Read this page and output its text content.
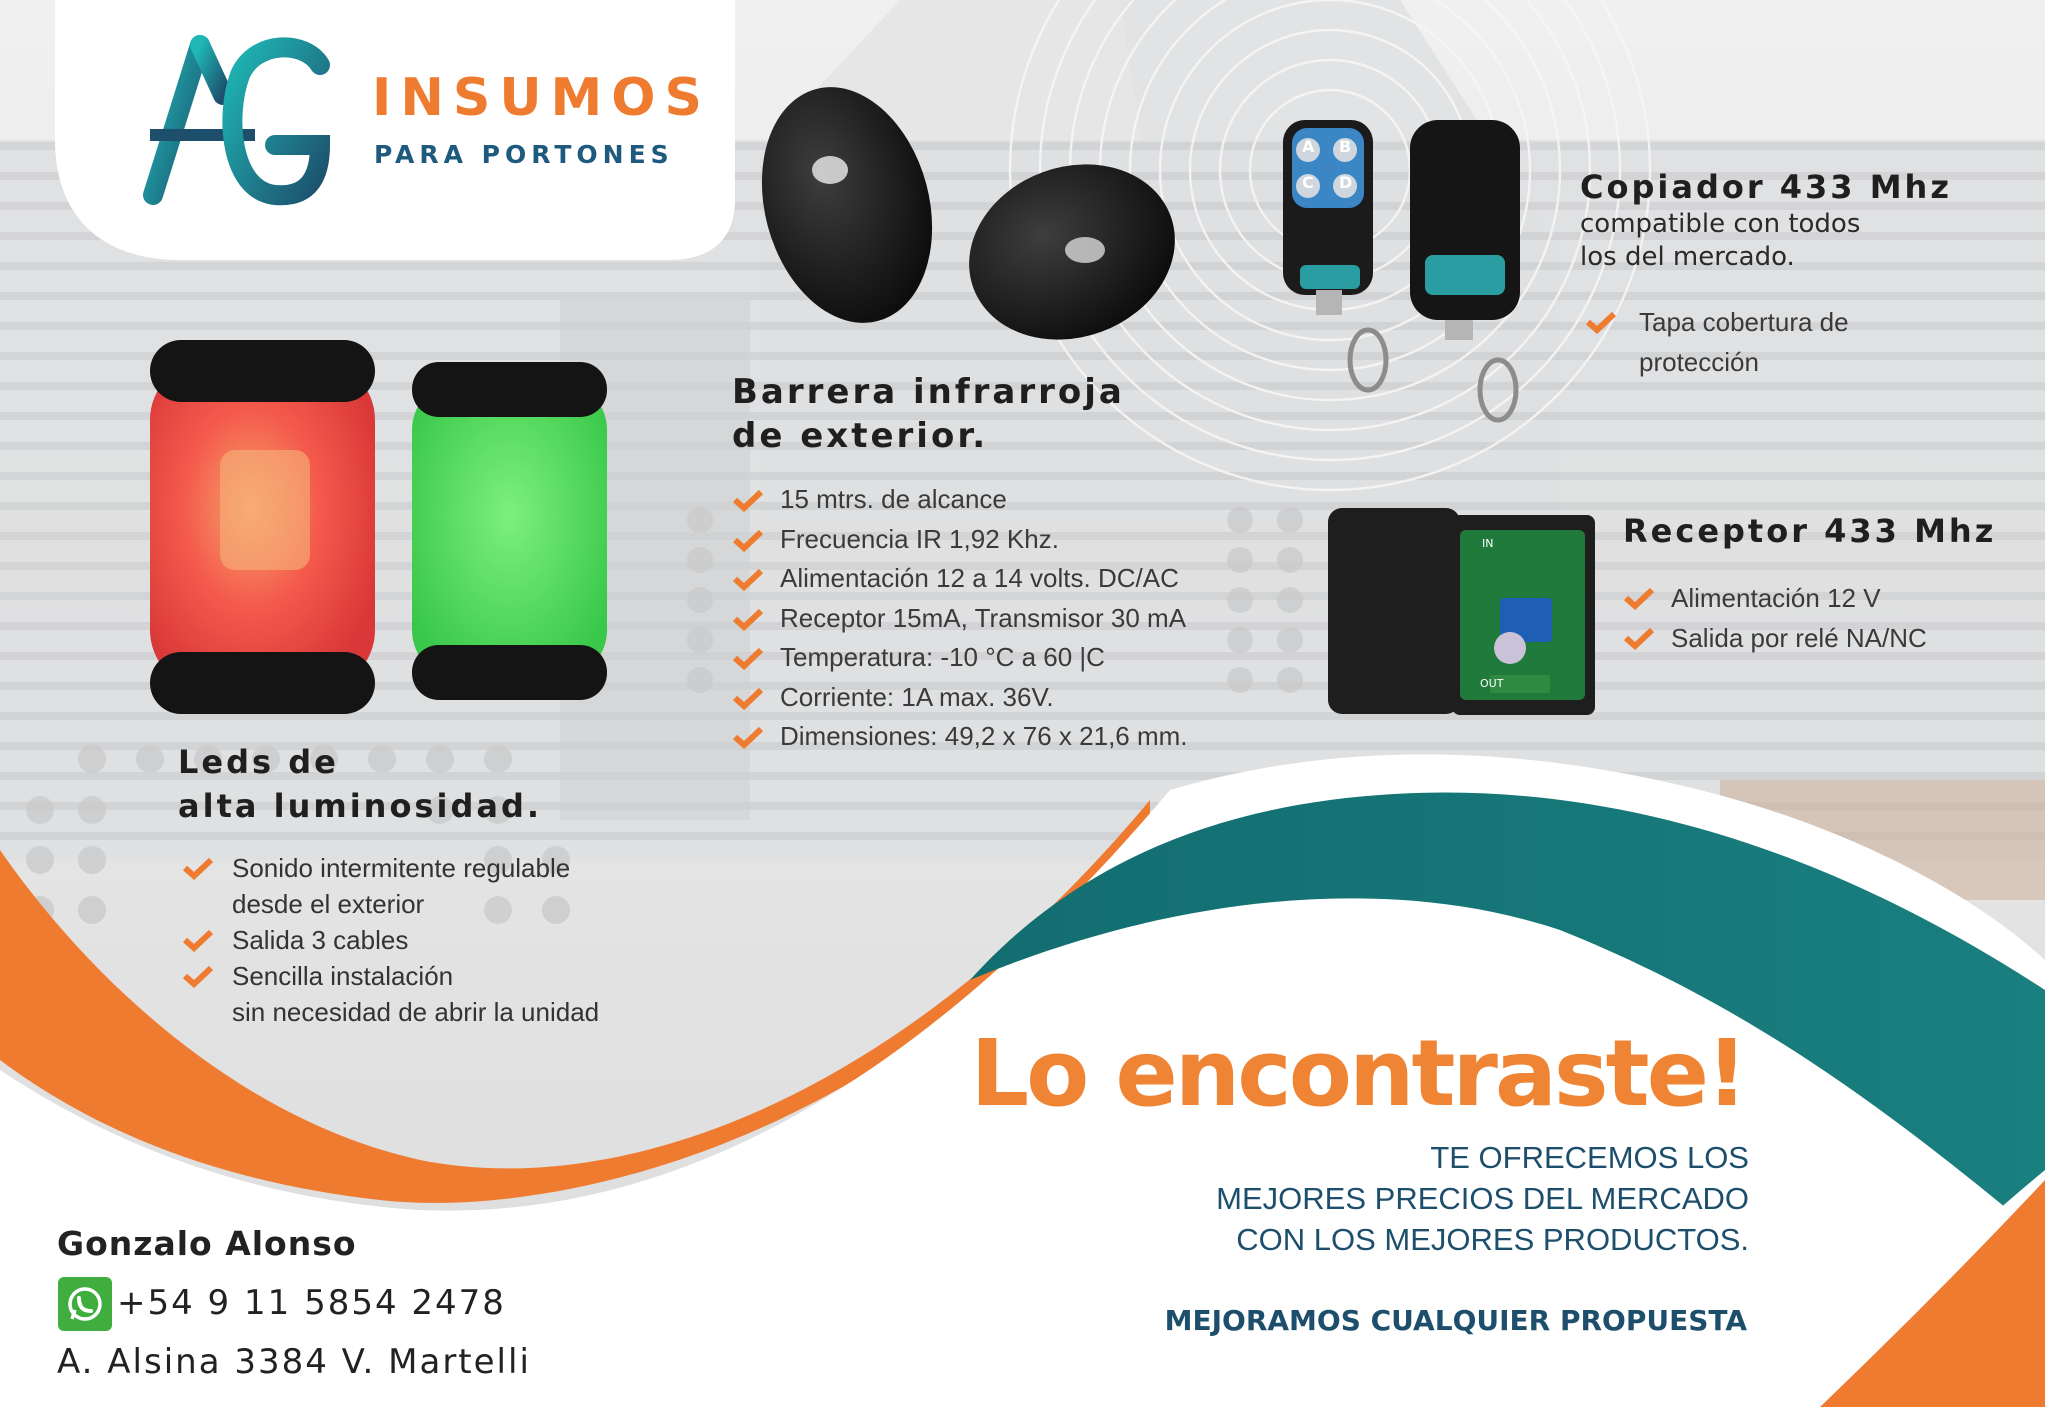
INSUMOS
PARA PORTONES
Barrera infrarroja
de exterior.
15 mtrs. de alcance
Frecuencia IR 1,92 Khz.
Alimentación 12 a 14 volts. DC/AC
Receptor 15mA, Transmisor 30 mA
Temperatura: -10 °C a 60 |C
Corriente: 1A max. 36V.
Dimensiones: 49,2 x 76 x 21,6 mm.
Copiador 433 Mhz
compatible con todos
los del mercado.
Tapa cobertura de
protección
A B
C D
Receptor 433 Mhz
Alimentación 12 V
Salida por relé NA/NC
IN
OUT
Leds de
alta luminosidad.
Sonido intermitente regulable
desde el exterior
Salida 3 cables
Sencilla instalación
sin necesidad de abrir la unidad
Lo encontraste!
TE OFRECEMOS LOS
MEJORES PRECIOS DEL MERCADO
CON LOS MEJORES PRODUCTOS.
MEJORAMOS CUALQUIER PROPUESTA
Gonzalo Alonso
+54 9 11 5854 2478
A. Alsina 3384 V. Martelli
